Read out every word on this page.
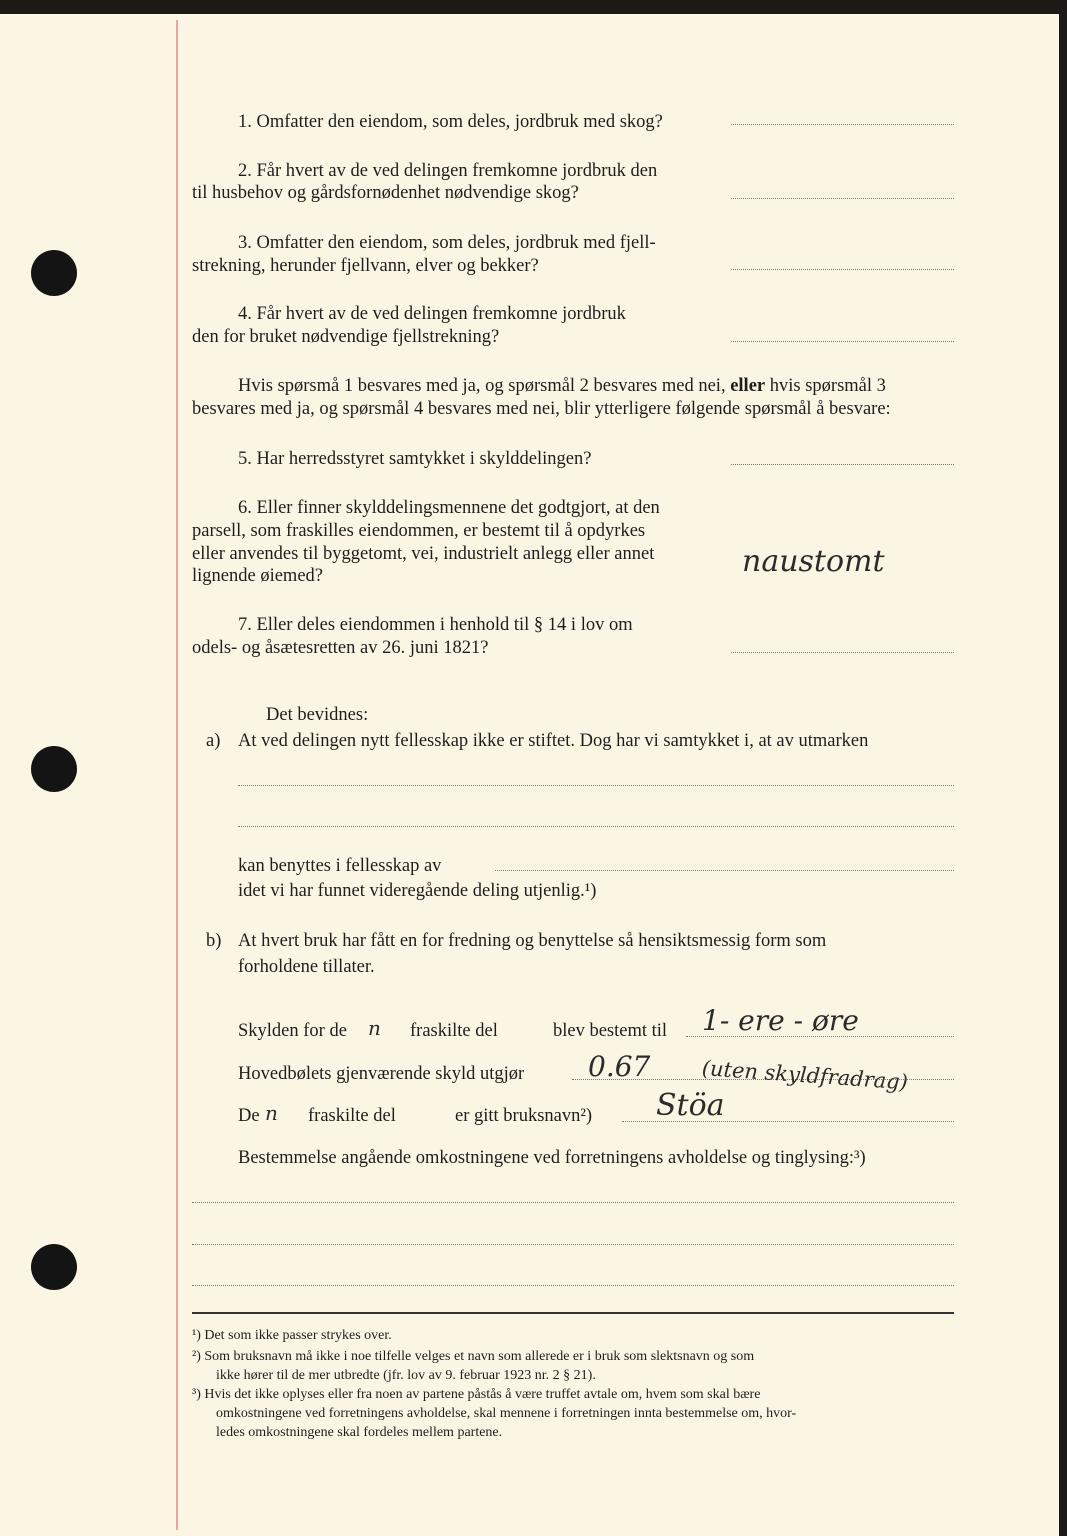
1. Omfatter den eiendom, som deles, jordbruk med skog?
2. Får hvert av de ved delingen fremkomne jordbruk den
til husbehov og gårdsfornødenhet nødvendige skog?
3. Omfatter den eiendom, som deles, jordbruk med fjell-
strekning, herunder fjellvann, elver og bekker?
4. Får hvert av de ved delingen fremkomne jordbruk
den for bruket nødvendige fjellstrekning?
Hvis spørsmå 1 besvares med ja, og spørsmål 2 besvares med nei, eller hvis spørsmål 3
besvares med ja, og spørsmål 4 besvares med nei, blir ytterligere følgende spørsmål å besvare:
5. Har herredsstyret samtykket i skylddelingen?
6. Eller finner skylddelingsmennene det godtgjort, at den
parsell, som fraskilles eiendommen, er bestemt til å opdyrkes
eller anvendes til byggetomt, vei, industrielt anlegg eller annet
lignende øiemed?	naustomt
7. Eller deles eiendommen i henhold til § 14 i lov om
odels- og åsætesretten av 26. juni 1821?
Det bevidnes:
a) At ved delingen nytt fellesskap ikke er stiftet. Dog har vi samtykket i, at av utmarken
kan benyttes i fellesskap av
idet vi har funnet videregående deling utjenlig.¹)
b) At hvert bruk har fått en for fredning og benyttelse så hensiktsmessig form som
forholdene tillater.
Skylden for de n fraskilte del	blev bestemt til 1- ere - øre
Hovedbølets gjenværende skyld utgjør 0.67 (uten skyldfradrag)
De n fraskilte del	er gitt bruksnavn²) Stöa
Bestemmelse angående omkostningene ved forretningens avholdelse og tinglysing:³)
¹) Det som ikke passer strykes over.
²) Som bruksnavn må ikke i noe tilfelle velges et navn som allerede er i bruk som slektsnavn og som
ikke hører til de mer utbredte (jfr. lov av 9. februar 1923 nr. 2 § 21).
³) Hvis det ikke oplyses eller fra noen av partene påstås å være truffet avtale om, hvem som skal bære
omkostningene ved forretningens avholdelse, skal mennene i forretningen innta bestemmelse om, hvor-
ledes omkostningene skal fordeles mellem partene.
